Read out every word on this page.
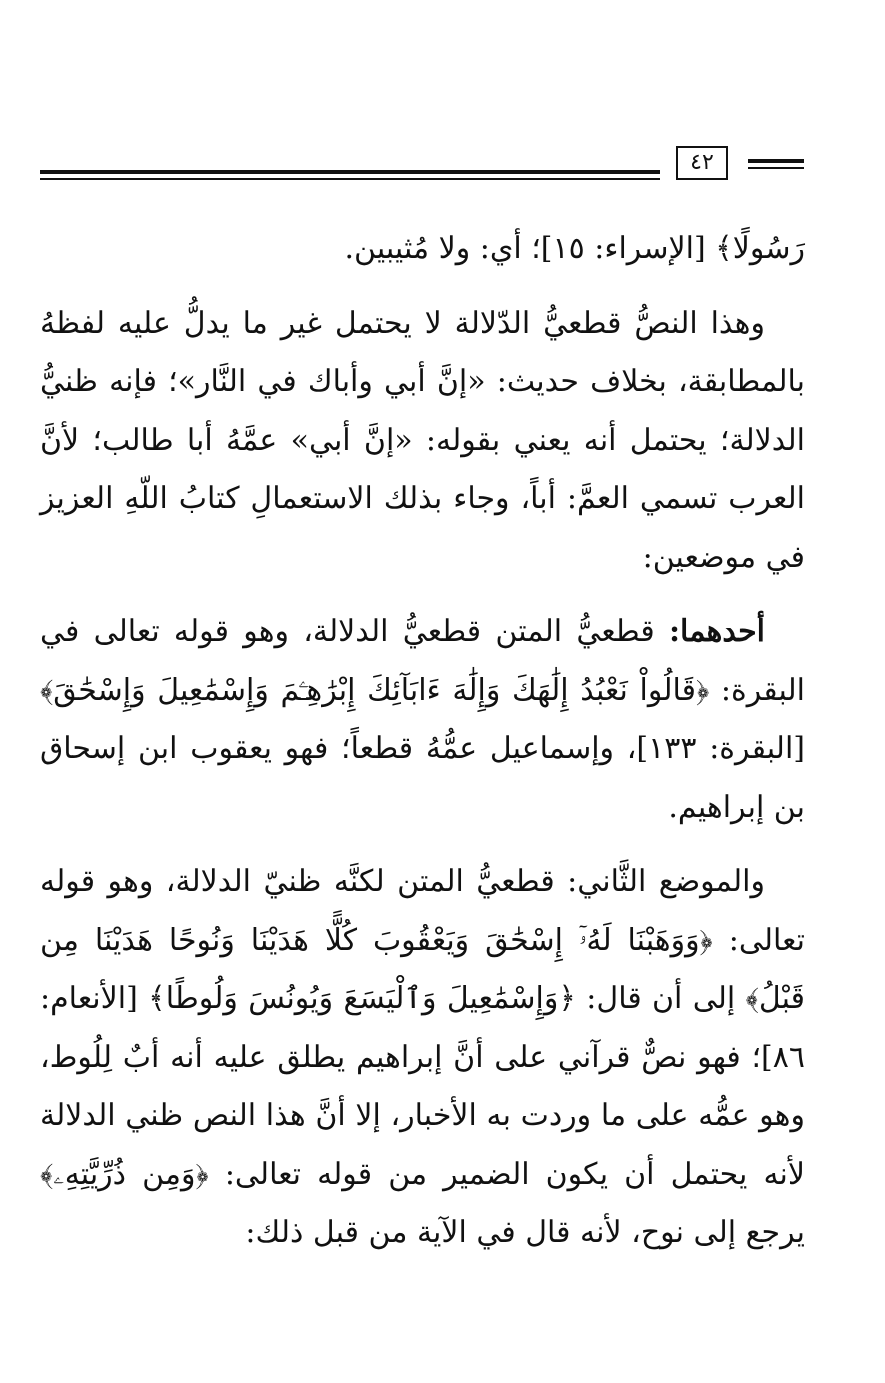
٤٢

رَسُولًا﴾ [الإسراء: ١٥]؛ أي: ولا مُثيبين.

وهذا النصُّ قطعيُّ الدّلالة لا يحتمل غير ما يدلُّ عليه لفظهُ بالمطابقة، بخلاف حديث: «إنَّ أبي وأباك في النَّار»؛ فإنه ظنيُّ الدلالة؛ يحتمل أنه يعني بقوله: «إنَّ أبي» عمَّهُ أبا طالب؛ لأنَّ العرب تسمي العمَّ: أباً، وجاء بذلك الاستعمالِ كتابُ اللّهِ العزيز في موضعين:

أحدهما: قطعيُّ المتن قطعيُّ الدلالة، وهو قوله تعالى في البقرة: ﴿قَالُواْ نَعْبُدُ إِلَٰهَكَ وَإِلَٰهَ ءَابَآئِكَ إِبْرَٰهِـۧمَ وَإِسْمَٰعِيلَ وَإِسْحَٰقَ﴾ [البقرة: ١٣٣]، وإسماعيل عمُّهُ قطعاً؛ فهو يعقوب ابن إسحاق بن إبراهيم.

والموضع الثَّاني: قطعيُّ المتن لكنَّه ظنيّ الدلالة، وهو قوله تعالى: ﴿وَوَهَبْنَا لَهُۥٓ إِسْحَٰقَ وَيَعْقُوبَ كُلًّا هَدَيْنَا وَنُوحًا هَدَيْنَا مِن قَبْلُ﴾ إلى أن قال: ﴿وَإِسْمَٰعِيلَ وَٱلْيَسَعَ وَيُونُسَ وَلُوطًا﴾ [الأنعام: ٨٦]؛ فهو نصٌّ قرآني على أنَّ إبراهيم يطلق عليه أنه أبٌ لِلُوط، وهو عمُّه على ما وردت به الأخبار، إلا أنَّ هذا النص ظني الدلالة لأنه يحتمل أن يكون الضمير من قوله تعالى: ﴿وَمِن ذُرِّيَّتِهِۦ﴾ يرجع إلى نوح، لأنه قال في الآية من قبل ذلك:
